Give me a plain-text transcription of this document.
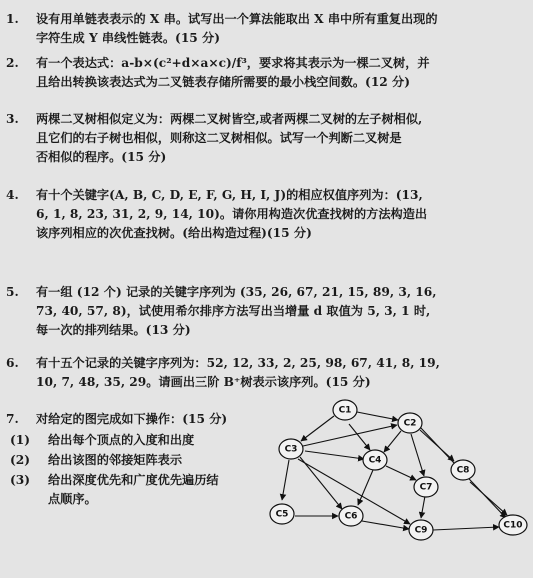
1.	设有用单链表表示的 X 串。试写出一个算法能取出 X 串中所有重复出现的
字符生成 Y 串线性链表。(15 分)
2.	有一个表达式：a-b×(c²+d×a×c)/f³，要求将其表示为一棵二叉树，并
且给出转换该表达式为二叉链表存储所需要的最小栈空间数。(12 分)
3.	两棵二叉树相似定义为：两棵二叉树皆空,或者两棵二叉树的左子树相似,
且它们的右子树也相似，则称这二叉树相似。试写一个判断二叉树是
否相似的程序。(15 分)
4.	有十个关键字(A, B, C, D, E, F, G, H, I, J)的相应权值序列为：(13,
6, 1, 8, 23, 31, 2, 9, 14, 10)。请你用构造次优查找树的方法构造出
该序列相应的次优查找树。(给出构造过程)(15 分)
5.	有一组 (12 个) 记录的关键字序列为 (35, 26, 67, 21, 15, 89, 3, 16,
73, 40, 57, 8)，试使用希尔排序方法写出当增量 d 取值为 5, 3, 1 时,
每一次的排列结果。(13 分)
6.	有十五个记录的关键字序列为：52, 12, 33, 2, 25, 98, 67, 41, 8, 19,
10, 7, 48, 35, 29。请画出三阶 B⁺树表示该序列。(15 分)
7.	对给定的图完成如下操作：(15 分)
(1) 给出每个顶点的入度和出度
(2) 给出该图的邻接矩阵表示
(3) 给出深度优先和广度优先遍历结
点顺序。
C1
C2
C3
C4
C5	C6
C7
C8
C9	C10
